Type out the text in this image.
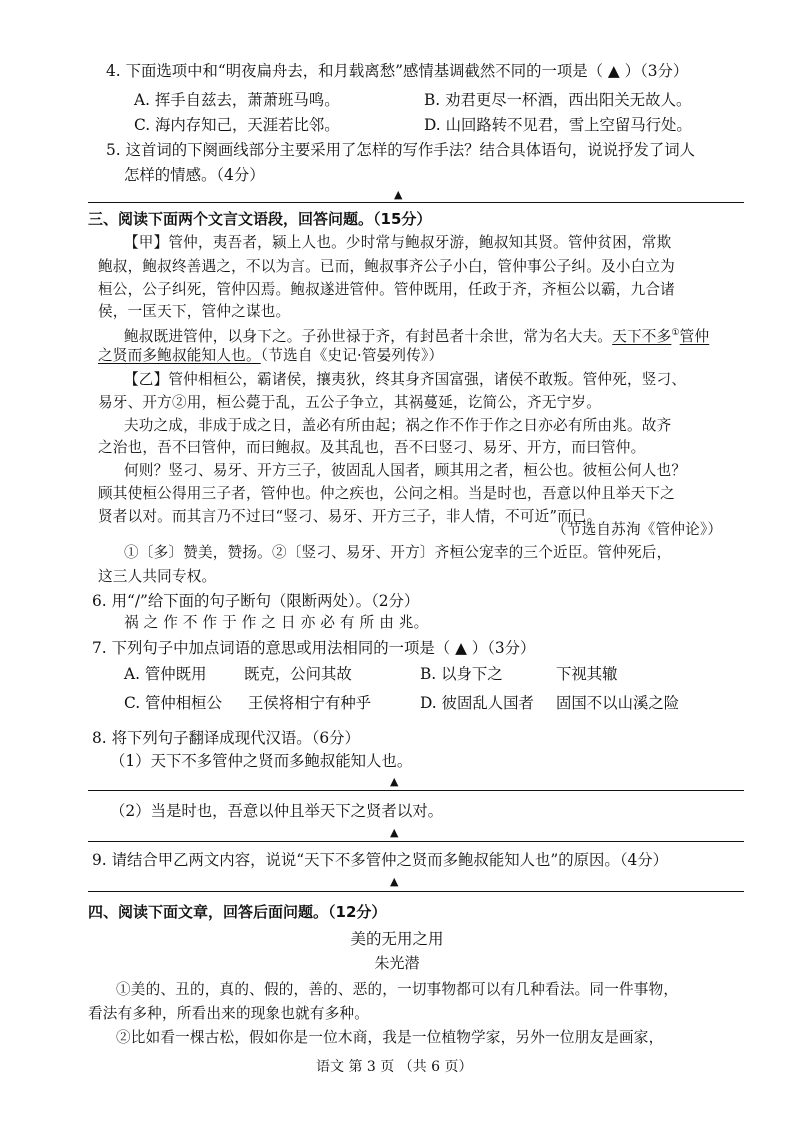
4. 下面选项中和“明夜扁舟去，和月载离愁”感情基调截然不同的一项是（ ▲ ）（3分）
A. 挥手自兹去，萧萧班马鸣。	B. 劝君更尽一杯酒，西出阳关无故人。
C. 海内存知己，天涯若比邻。	D. 山回路转不见君，雪上空留马行处。
5. 这首词的下阕画线部分主要采用了怎样的写作手法？结合具体语句，说说抒发了词人
怎样的情感。（4分）
▲
三、阅读下面两个文言文语段，回答问题。（15分）
【甲】管仲，夷吾者，颍上人也。少时常与鲍叔牙游，鲍叔知其贤。管仲贫困，常欺
鲍叔，鲍叔终善遇之，不以为言。已而，鲍叔事齐公子小白，管仲事公子纠。及小白立为
桓公，公子纠死，管仲囚焉。鲍叔遂进管仲。管仲既用，任政于齐，齐桓公以霸，九合诸
侯，一匡天下，管仲之谋也。
鲍叔既进管仲，以身下之。子孙世禄于齐，有封邑者十余世，常为名大夫。天下不多①管仲
之贤而多鲍叔能知人也。（节选自《史记·管晏列传》）
【乙】管仲相桓公，霸诸侯，攘夷狄，终其身齐国富强，诸侯不敢叛。管仲死，竖刁、
易牙、开方②用，桓公薨于乱，五公子争立，其祸蔓延，讫简公，齐无宁岁。
夫功之成，非成于成之日，盖必有所由起；祸之作不作于作之日亦必有所由兆。故齐
之治也，吾不曰管仲，而曰鲍叔。及其乱也，吾不曰竖刁、易牙、开方，而曰管仲。
何则？竖刁、易牙、开方三子，彼固乱人国者，顾其用之者，桓公也。彼桓公何人也？
顾其使桓公得用三子者，管仲也。仲之疾也，公问之相。当是时也，吾意以仲且举天下之
贤者以对。而其言乃不过曰“竖刁、易牙、开方三子，非人情，不可近”而已。
（节选自苏洵《管仲论》）
①〔多〕赞美，赞扬。②〔竖刁、易牙、开方〕齐桓公宠幸的三个近臣。管仲死后，
这三人共同专权。
6. 用“/”给下面的句子断句（限断两处）。（2分）
祸 之 作 不 作 于 作 之 日 亦 必 有 所 由 兆。
7. 下列句子中加点词语的意思或用法相同的一项是（ ▲ ）（3分）
A. 管仲既用 既克，公问其故	B. 以身下之	下视其辙
C. 管仲相桓公 王侯将相宁有种乎	D. 彼固乱人国者 固国不以山溪之险
8. 将下列句子翻译成现代汉语。（6分）
（1）天下不多管仲之贤而多鲍叔能知人也。
▲
（2）当是时也，吾意以仲且举天下之贤者以对。
▲
9. 请结合甲乙两文内容，说说“天下不多管仲之贤而多鲍叔能知人也”的原因。（4分）
▲
四、阅读下面文章，回答后面问题。（12分）
美的无用之用
朱光潜
①美的、丑的，真的、假的，善的、恶的，一切事物都可以有几种看法。同一件事物，
看法有多种，所看出来的现象也就有多种。
②比如看一棵古松，假如你是一位木商，我是一位植物学家，另外一位朋友是画家，
语文 第 3 页 （共 6 页）
